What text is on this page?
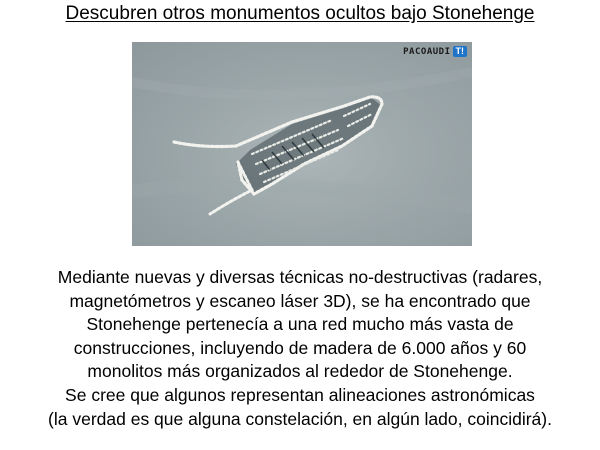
Descubren otros monumentos ocultos bajo Stonehenge
PACOAUDI T!
Mediante nuevas y diversas técnicas no-destructivas (radares,
magnetómetros y escaneo láser 3D), se ha encontrado que
Stonehenge pertenecía a una red mucho más vasta de
construcciones, incluyendo de madera de 6.000 años y 60
monolitos más organizados al rededor de Stonehenge.
Se cree que algunos representan alineaciones astronómicas
(la verdad es que alguna constelación, en algún lado, coincidirá).
